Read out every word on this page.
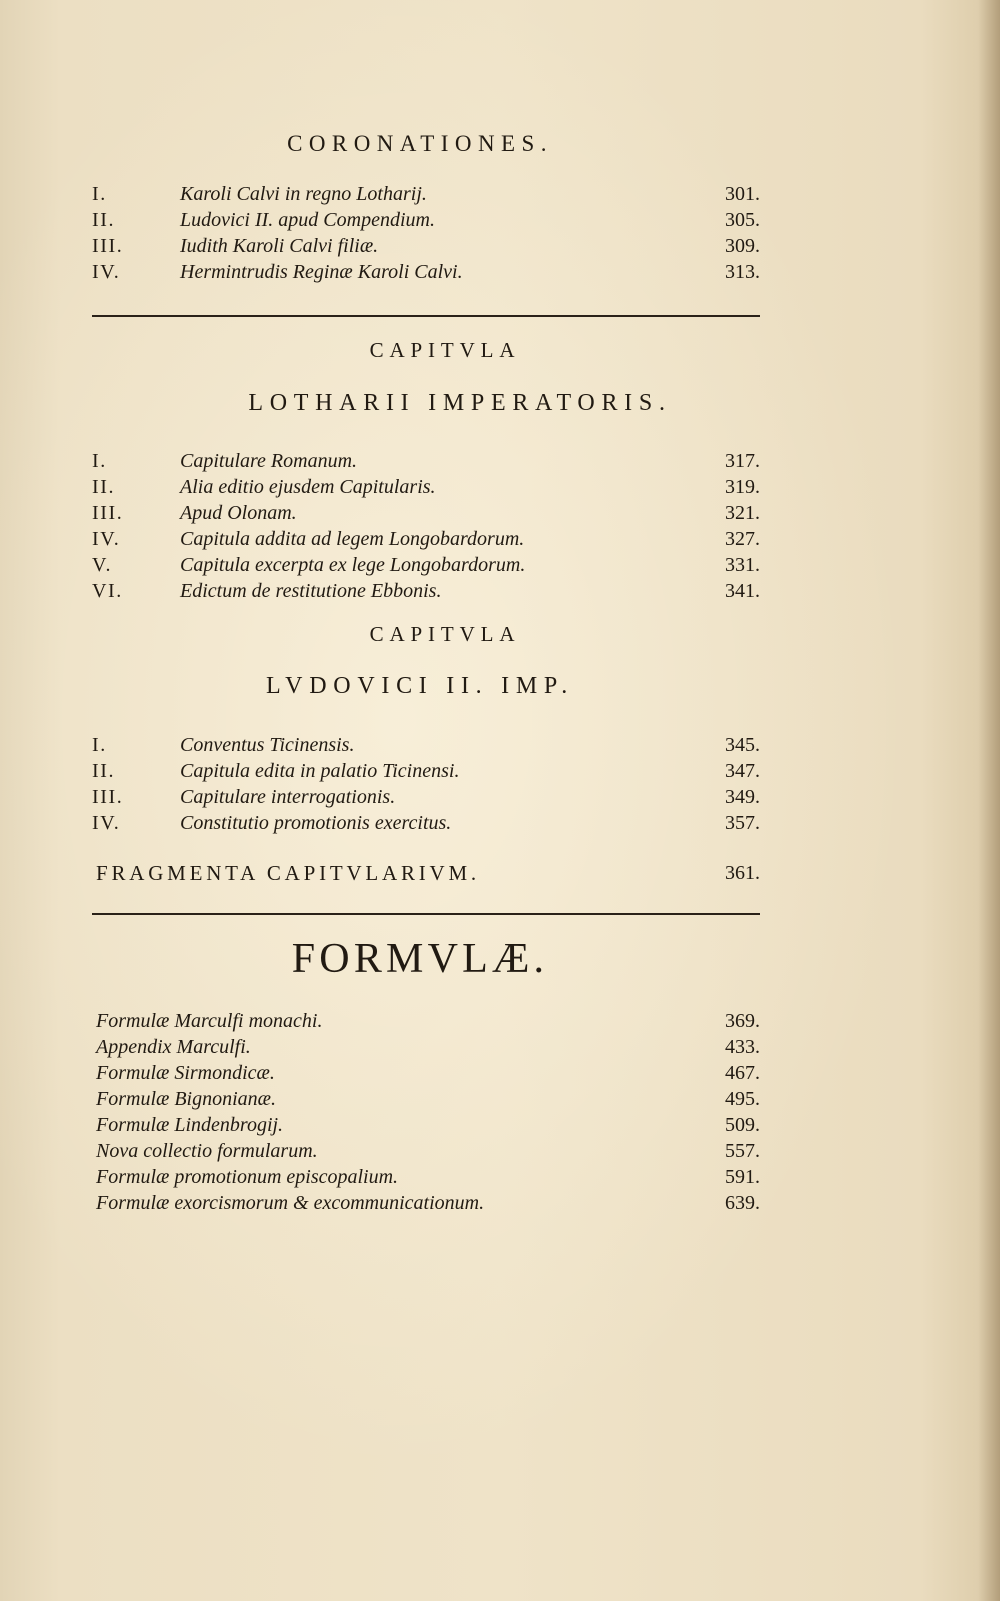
CORONATIONES.
I.	Karoli Calvi in regno Lotharij.	301.
II.	Ludovici II. apud Compendium.	305.
III.	Iudith Karoli Calvi filiæ.	309.
IV.	Hermintrudis Reginæ Karoli Calvi.	313.
CAPITVLA
LOTHARII IMPERATORIS.
I.	Capitulare Romanum.	317.
II.	Alia editio ejusdem Capitularis.	319.
III.	Apud Olonam.	321.
IV.	Capitula addita ad legem Longobardorum.	327.
V.	Capitula excerpta ex lege Longobardorum.	331.
VI.	Edictum de restitutione Ebbonis.	341.
CAPITVLA
LVDOVICI II. IMP.
I.	Conventus Ticinensis.	345.
II.	Capitula edita in palatio Ticinensi.	347.
III.	Capitulare interrogationis.	349.
IV.	Constitutio promotionis exercitus.	357.
FRAGMENTA CAPITVLARIVM.	361.
FORMVLÆ.
Formulæ Marculfi monachi.	369.
Appendix Marculfi.	433.
Formulæ Sirmondicæ.	467.
Formulæ Bignonianæ.	495.
Formulæ Lindenbrogij.	509.
Nova collectio formularum.	557.
Formulæ promotionum episcopalium.	591.
Formulæ exorcismorum & excommunicationum.	639.
